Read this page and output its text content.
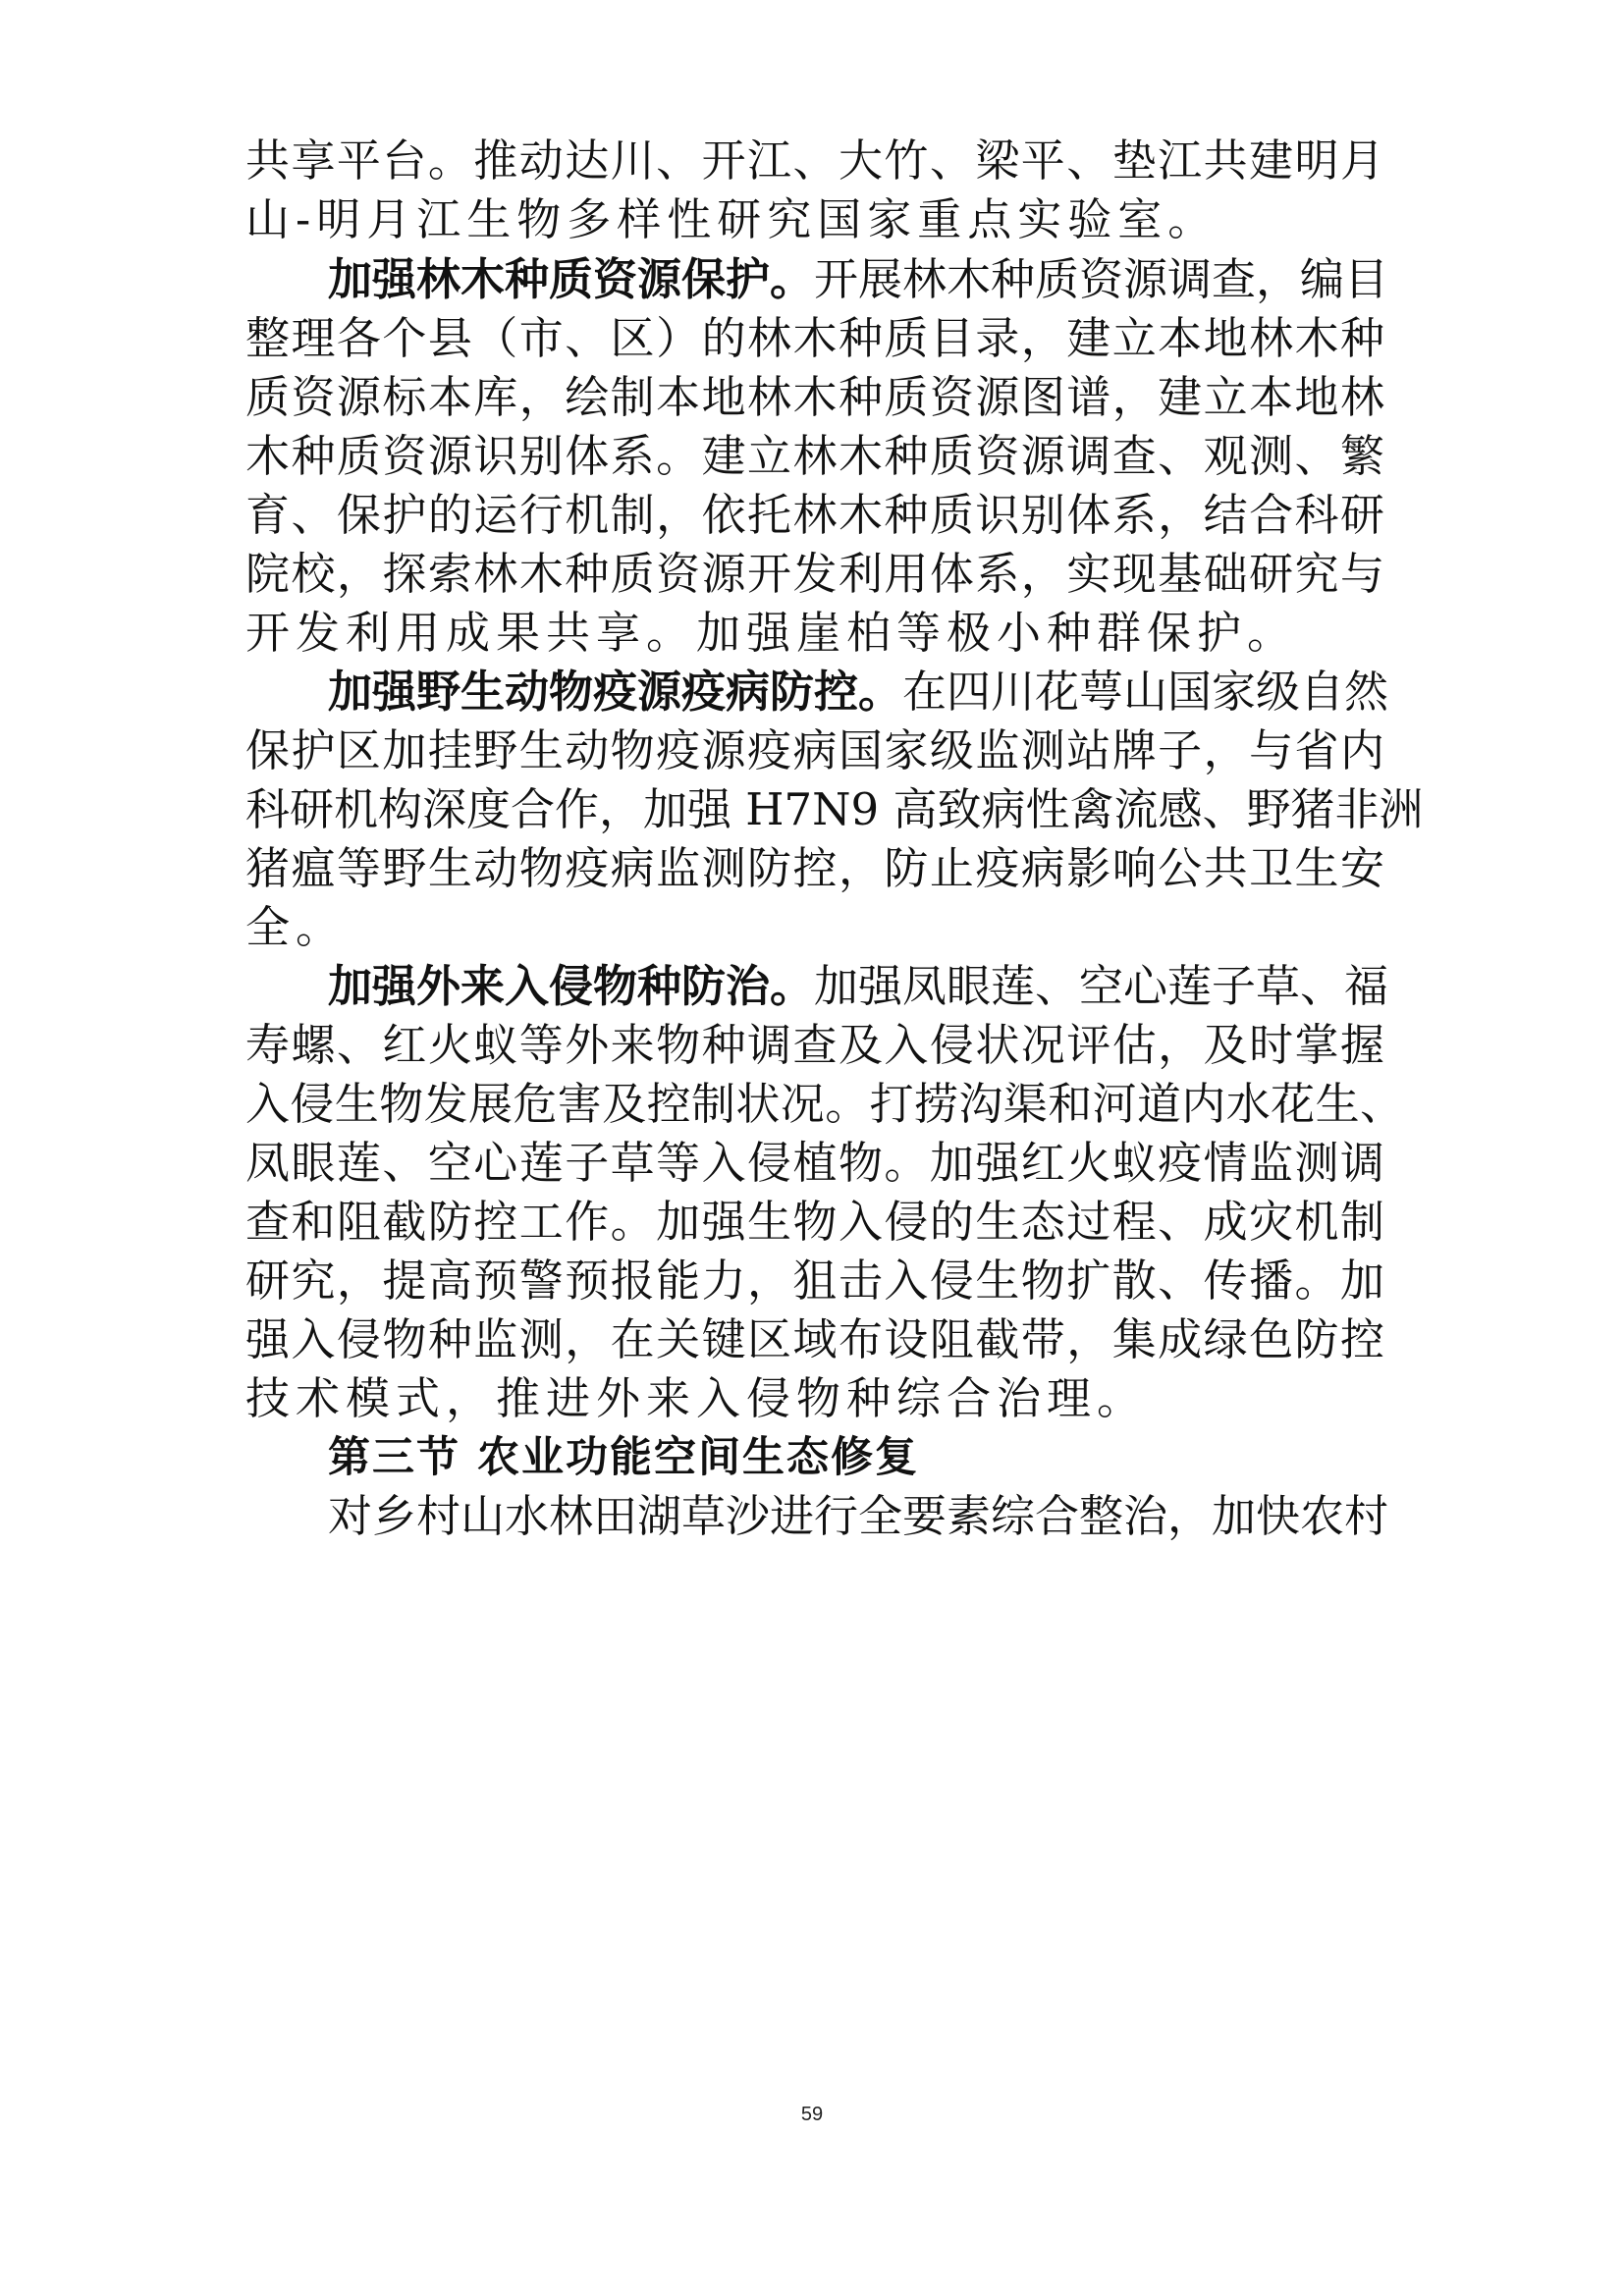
共享平台。推动达川、开江、大竹、梁平、垫江共建明月
山-明月江生物多样性研究国家重点实验室。
加强林木种质资源保护。开展林木种质资源调查，编目
整理各个县（市、区）的林木种质目录，建立本地林木种
质资源标本库，绘制本地林木种质资源图谱，建立本地林
木种质资源识别体系。建立林木种质资源调查、观测、繁
育、保护的运行机制，依托林木种质识别体系，结合科研
院校，探索林木种质资源开发利用体系，实现基础研究与
开发利用成果共享。加强崖柏等极小种群保护。
加强野生动物疫源疫病防控。在四川花萼山国家级自然
保护区加挂野生动物疫源疫病国家级监测站牌子，与省内
科研机构深度合作，加强 H7N9 高致病性禽流感、野猪非洲
猪瘟等野生动物疫病监测防控，防止疫病影响公共卫生安
全。
加强外来入侵物种防治。加强凤眼莲、空心莲子草、福
寿螺、红火蚁等外来物种调查及入侵状况评估，及时掌握
入侵生物发展危害及控制状况。打捞沟渠和河道内水花生、
凤眼莲、空心莲子草等入侵植物。加强红火蚁疫情监测调
查和阻截防控工作。加强生物入侵的生态过程、成灾机制
研究，提高预警预报能力，狙击入侵生物扩散、传播。加
强入侵物种监测，在关键区域布设阻截带，集成绿色防控
技术模式，推进外来入侵物种综合治理。
第三节 农业功能空间生态修复
对乡村山水林田湖草沙进行全要素综合整治，加快农村
59
